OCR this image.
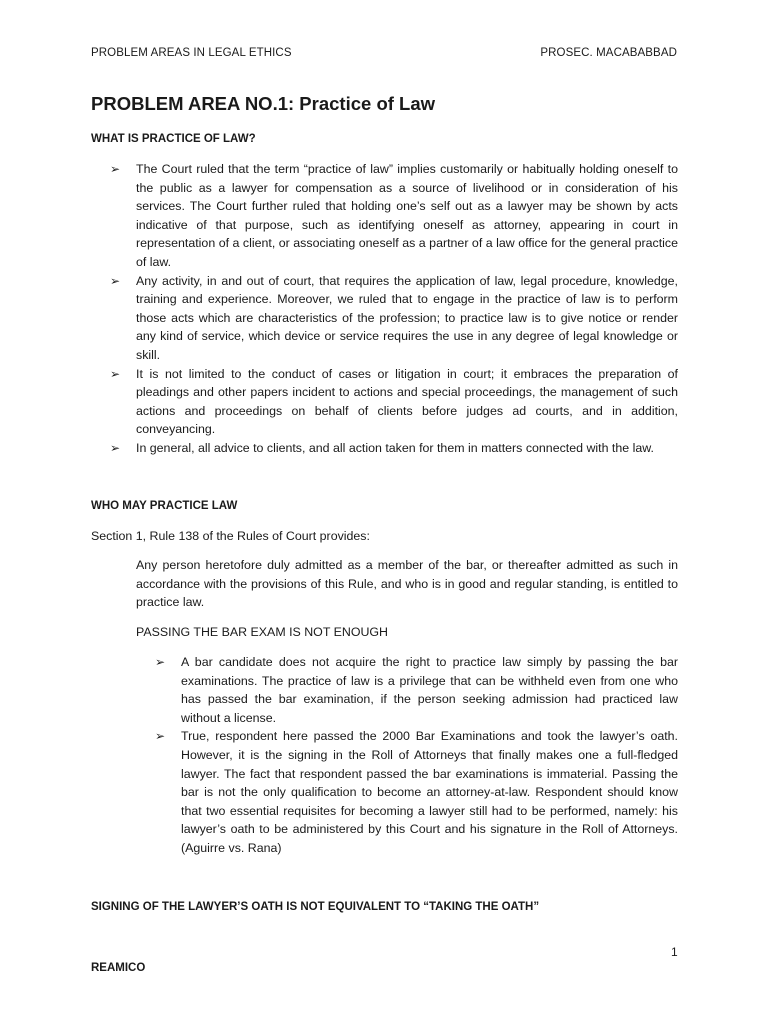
PROBLEM AREAS IN LEGAL ETHICS	PROSEC. MACABABBAD
PROBLEM AREA NO.1: Practice of Law
WHAT IS PRACTICE OF LAW?
➢ The Court ruled that the term “practice of law” implies customarily or habitually holding oneself to the public as a lawyer for compensation as a source of livelihood or in consideration of his services. The Court further ruled that holding one’s self out as a lawyer may be shown by acts indicative of that purpose, such as identifying oneself as attorney, appearing in court in representation of a client, or associating oneself as a partner of a law office for the general practice of law.
➢ Any activity, in and out of court, that requires the application of law, legal procedure, knowledge, training and experience. Moreover, we ruled that to engage in the practice of law is to perform those acts which are characteristics of the profession; to practice law is to give notice or render any kind of service, which device or service requires the use in any degree of legal knowledge or skill.
➢ It is not limited to the conduct of cases or litigation in court; it embraces the preparation of pleadings and other papers incident to actions and special proceedings, the management of such actions and proceedings on behalf of clients before judges ad courts, and in addition, conveyancing.
➢ In general, all advice to clients, and all action taken for them in matters connected with the law.
WHO MAY PRACTICE LAW
Section 1, Rule 138 of the Rules of Court provides:
Any person heretofore duly admitted as a member of the bar, or thereafter admitted as such in accordance with the provisions of this Rule, and who is in good and regular standing, is entitled to practice law.
PASSING THE BAR EXAM IS NOT ENOUGH
➢ A bar candidate does not acquire the right to practice law simply by passing the bar examinations. The practice of law is a privilege that can be withheld even from one who has passed the bar examination, if the person seeking admission had practiced law without a license.
➢ True, respondent here passed the 2000 Bar Examinations and took the lawyer’s oath. However, it is the signing in the Roll of Attorneys that finally makes one a full-fledged lawyer. The fact that respondent passed the bar examinations is immaterial. Passing the bar is not the only qualification to become an attorney-at-law. Respondent should know that two essential requisites for becoming a lawyer still had to be performed, namely: his lawyer’s oath to be administered by this Court and his signature in the Roll of Attorneys. (Aguirre vs. Rana)
SIGNING OF THE LAWYER’S OATH IS NOT EQUIVALENT TO “TAKING THE OATH”
1
REAMICO
